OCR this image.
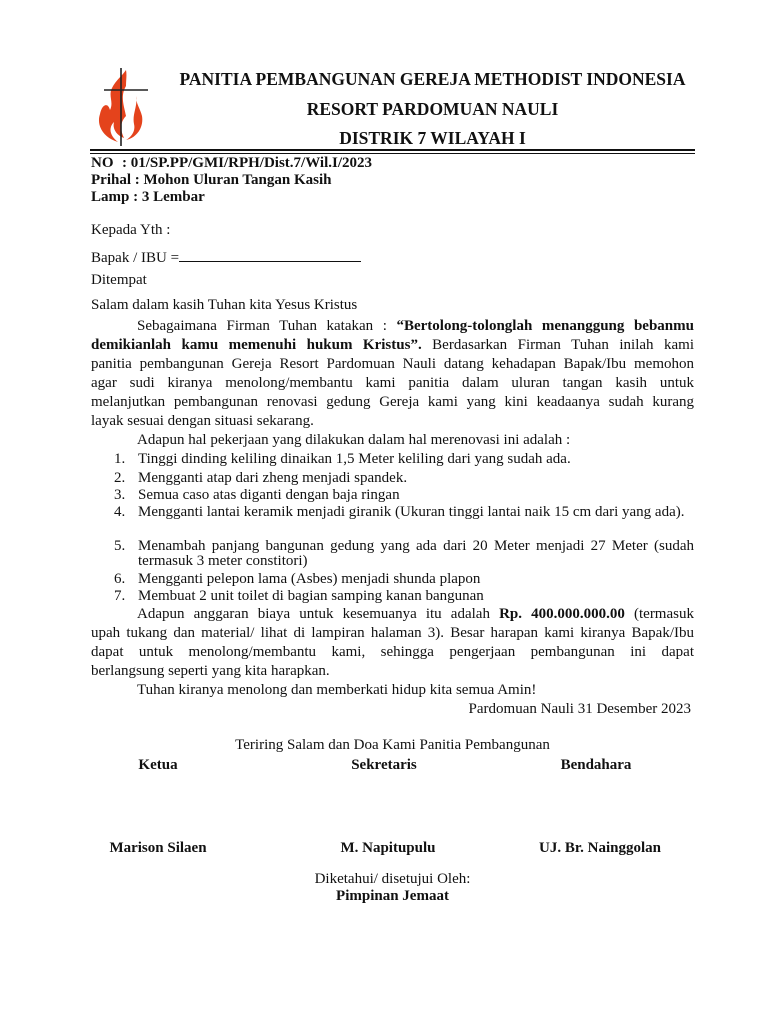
PANITIA PEMBANGUNAN GEREJA METHODIST INDONESIA
RESORT PARDOMUAN NAULI
DISTRIK 7 WILAYAH I
NO : 01/SP.PP/GMI/RPH/Dist.7/Wil.I/2023
Prihal : Mohon Uluran Tangan Kasih
Lamp : 3 Lembar
Kepada Yth :
Bapak / IBU =
Ditempat
Salam dalam kasih Tuhan kita Yesus Kristus
Sebagaimana Firman Tuhan katakan : “Bertolong-tolonglah menanggung bebanmu
demikianlah kamu memenuhi hukum Kristus”. Berdasarkan Firman Tuhan inilah kami
panitia pembangunan Gereja Resort Pardomuan Nauli datang kehadapan Bapak/Ibu memohon
agar sudi kiranya menolong/membantu kami panitia dalam uluran tangan kasih untuk
melanjutkan pembangunan renovasi gedung Gereja kami yang kini keadaanya sudah kurang
layak sesuai dengan situasi sekarang.
Adapun hal pekerjaan yang dilakukan dalam hal merenovasi ini adalah :
1. Tinggi dinding keliling dinaikan 1,5 Meter keliling dari yang sudah ada.
2. Mengganti atap dari zheng menjadi spandek.
3. Semua caso atas diganti dengan baja ringan
4. Mengganti lantai keramik menjadi giranik (Ukuran tinggi lantai naik 15 cm dari yang ada).
5. Menambah panjang bangunan gedung yang ada dari 20 Meter menjadi 27 Meter (sudah termasuk 3 meter constitori)
6. Mengganti pelepon lama (Asbes) menjadi shunda plapon
7. Membuat 2 unit toilet di bagian samping kanan bangunan
Adapun anggaran biaya untuk kesemuanya itu adalah Rp. 400.000.000.00 (termasuk
upah tukang dan material/ lihat di lampiran halaman 3). Besar harapan kami kiranya Bapak/Ibu
dapat untuk menolong/membantu kami, sehingga pengerjaan pembangunan ini dapat
berlangsung seperti yang kita harapkan.
Tuhan kiranya menolong dan memberkati hidup kita semua Amin!
Pardomuan Nauli 31 Desember 2023
Teriring Salam dan Doa Kami Panitia Pembangunan
Ketua	Sekretaris	Bendahara
Marison Silaen	M. Napitupulu	UJ. Br. Nainggolan
Diketahui/ disetujui Oleh:
Pimpinan Jemaat
